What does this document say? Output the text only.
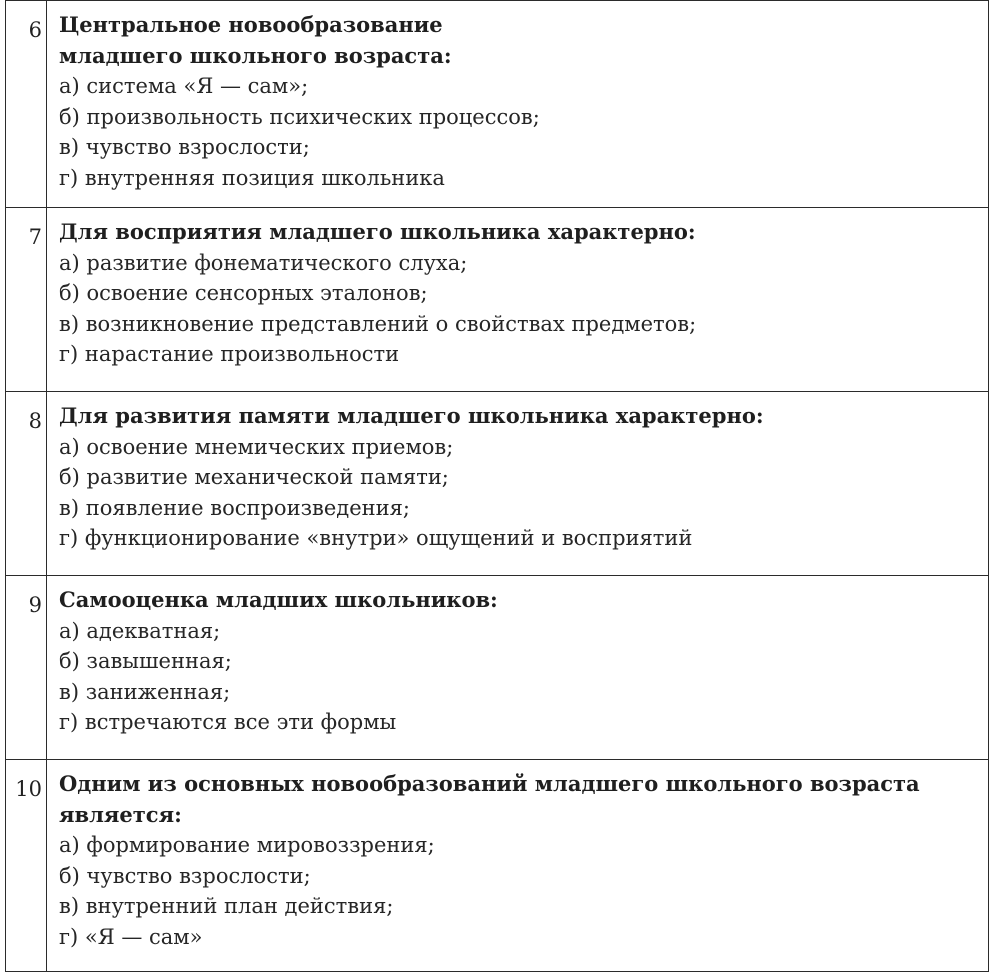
6	Центральное новообразование младшего школьного возраста:
а) система «Я — сам»;
б) произвольность психических процессов;
в) чувство взрослости;
г) внутренняя позиция школьника

7	Для восприятия младшего школьника характерно:
а) развитие фонематического слуха;
б) освоение сенсорных эталонов;
в) возникновение представлений о свойствах предметов;
г) нарастание произвольности

8	Для развития памяти младшего школьника характерно:
а) освоение мнемических приемов;
б) развитие механической памяти;
в) появление воспроизведения;
г) функционирование «внутри» ощущений и восприятий

9	Самооценка младших школьников:
а) адекватная;
б) завышенная;
в) заниженная;
г) встречаются все эти формы

10	Одним из основных новообразований младшего школьного возраста является:
а) формирование мировоззрения;
б) чувство взрослости;
в) внутренний план действия;
г) «Я — сам»
